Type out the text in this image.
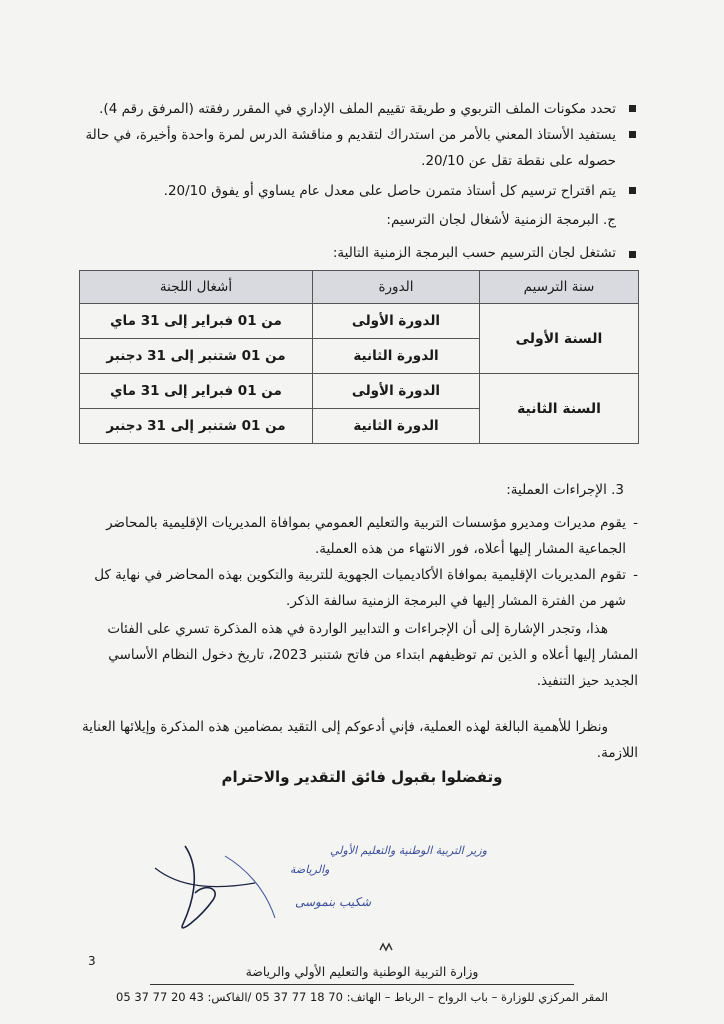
تحدد مكونات الملف التربوي و طريقة تقييم الملف الإداري في المقرر رفقته (المرفق رقم 4).
يستفيد الأستاذ المعني بالأمر من استدراك لتقديم و مناقشة الدرس لمرة واحدة وأخيرة، في حالة حصوله على نقطة تقل عن 20/10.
يتم اقتراح ترسيم كل أستاذ متمرن حاصل على معدل عام يساوي أو يفوق 20/10.
ج. البرمجة الزمنية لأشغال لجان الترسيم:
تشتغل لجان الترسيم حسب البرمجة الزمنية التالية:
سنة الترسيم	الدورة	أشغال اللجنة
السنة الأولى	الدورة الأولى	من 01 فبراير إلى 31 ماي
	الدورة الثانية	من 01 شتنبر إلى 31 دجنبر
السنة الثانية	الدورة الأولى	من 01 فبراير إلى 31 ماي
	الدورة الثانية	من 01 شتنبر إلى 31 دجنبر
3. الإجراءات العملية:
-
يقوم مديرات ومديرو مؤسسات التربية والتعليم العمومي بموافاة المديريات الإقليمية بالمحاضر الجماعية المشار إليها أعلاه، فور الانتهاء من هذه العملية.
-
تقوم المديريات الإقليمية بموافاة الأكاديميات الجهوية للتربية والتكوين بهذه المحاضر في نهاية كل شهر من الفترة المشار إليها في البرمجة الزمنية سالفة الذكر.
هذا، وتجدر الإشارة إلى أن الإجراءات و التدابير الواردة في هذه المذكرة تسري على الفئات المشار إليها أعلاه و الذين تم توظيفهم ابتداء من فاتح شتنبر 2023، تاريخ دخول النظام الأساسي الجديد حيز التنفيذ.
ونظرا للأهمية البالغة لهذه العملية، فإني أدعوكم إلى التقيد بمضامين هذه المذكرة وإيلائها العناية اللازمة.
وتفضلوا بقبول فائق التقدير والاحترام
وزير التربية الوطنية والتعليم الأولي
والرياضة
شكيب بنموسى
3
وزارة التربية الوطنية والتعليم الأولي والرياضة
المقر المركزي للوزارة – باب الرواح – الرباط – الهاتف: 70 18 77 37 05 /الفاكس: 43 20 77 37 05
